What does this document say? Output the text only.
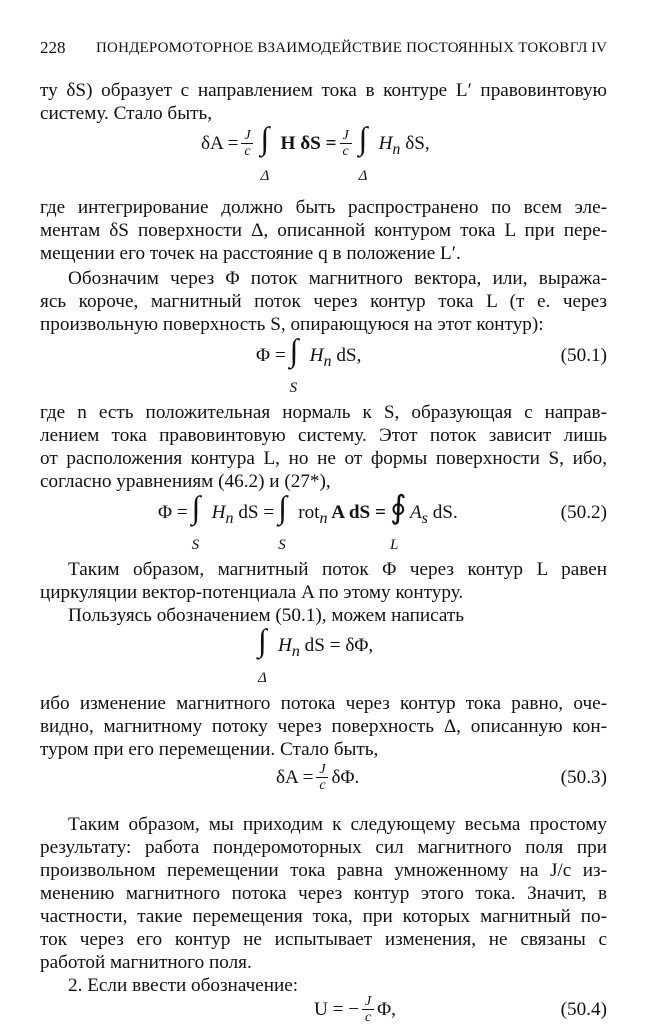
228 ПОНДЕРОМОТОРНОЕ ВЗАИМОДЕЙСТВИЕ ПОСТОЯННЫХ ТОКОВ ГЛ IV

ту δS) образует с направлением тока в контуре L′ правовинтовую

систему. Стало быть,

$\delta A = \frac{J}{c}$ ∫
Δ
H $\delta S = \frac{J}{c}$ ∫
Δ
$H_n$ δS,

где интегрирование должно быть распространено по всем эле-

ментам δS поверхности Δ, описанной контуром тока L при пере-

мещении его точек на расстояние q в положение L′.

Обозначим через Φ поток магнитного вектора, или, выража-

ясь короче, магнитный поток через контур тока L (т е. через

произвольную поверхность S, опирающуюся на этот контур):

Φ = ∫
S
$H_n$ dS,	(50.1)

где n есть положительная нормаль к S, образующая с направ-

лением тока правовинтовую систему. Этот поток зависит лишь

от расположения контура L, но не от формы поверхности S, ибо,

согласно уравнениям (46.2) и (27*),

Φ = ∫
S
$H_n$ dS = ∫
S
rot$_n$ A dS = ∮
L
$A_s$ dS.	(50.2)

Таким образом, магнитный поток Φ через контур L равен

циркуляции вектор-потенциала A по этому контуру.

Пользуясь обозначением (50.1), можем написать

∫
Δ
$H_n$ dS = δΦ,

ибо изменение магнитного потока через контур тока равно, оче-

видно, магнитному потоку через поверхность Δ, описанную кон-

туром при его перемещении. Стало быть,

$\delta A = \frac{J}{c} \delta\Phi$.	(50.3)

Таким образом, мы приходим к следующему весьма простому

результату: работа пондеромоторных сил магнитного поля при

произвольном перемещении тока равна умноженному на J/c из-

менению магнитного потока через контур этого тока. Значит, в

частности, такие перемещения тока, при которых магнитный по-

ток через его контур не испытывает изменения, не связаны с

работой магнитного поля.

2. Если ввести обозначение:

U = − $\frac{J}{c} \Phi$,	(50.4)
